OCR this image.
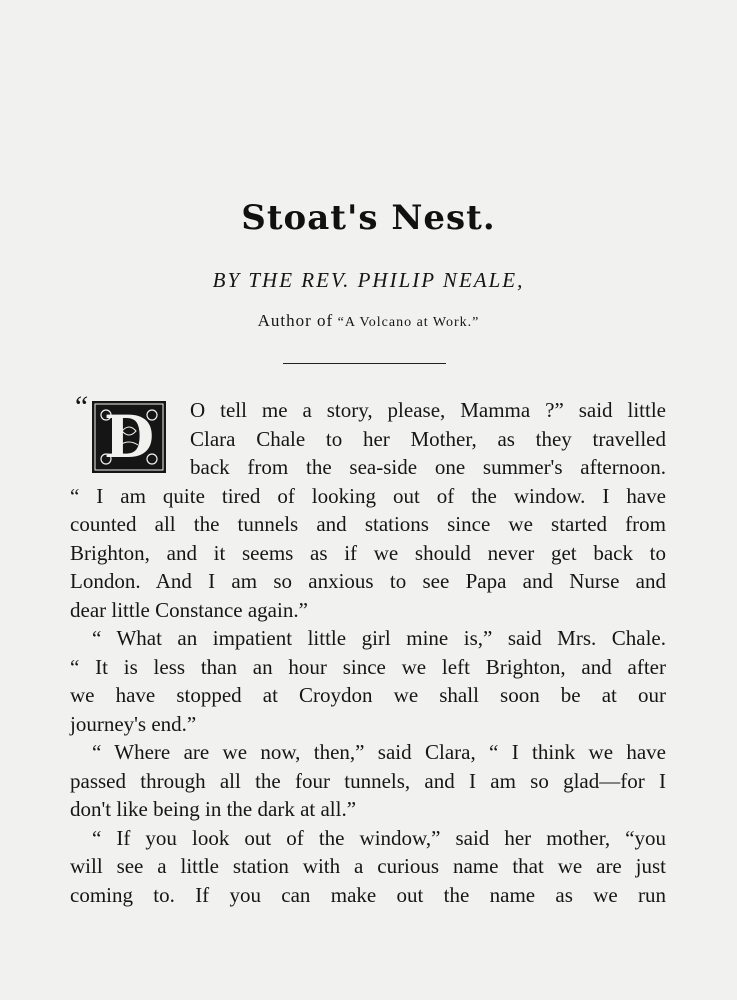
Stoat's Nest.
BY THE REV. PHILIP NEALE,
Author of “A Volcano at Work.”
“ D	O tell me a story, please, Mamma ?” said little
Clara Chale to her Mother, as they travelled
back from the sea-side one summer's afternoon.
“ I am quite tired of looking out of the window. I have
counted all the tunnels and stations since we started from
Brighton, and it seems as if we should never get back to
London. And I am so anxious to see Papa and Nurse and
dear little Constance again.”
“ What an impatient little girl mine is,” said Mrs. Chale.
“ It is less than an hour since we left Brighton, and after
we have stopped at Croydon we shall soon be at our
journey's end.”
“ Where are we now, then,” said Clara, “ I think we have
passed through all the four tunnels, and I am so glad—for I
don't like being in the dark at all.”
“ If you look out of the window,” said her mother, “you
will see a little station with a curious name that we are just
coming to. If you can make out the name as we run
